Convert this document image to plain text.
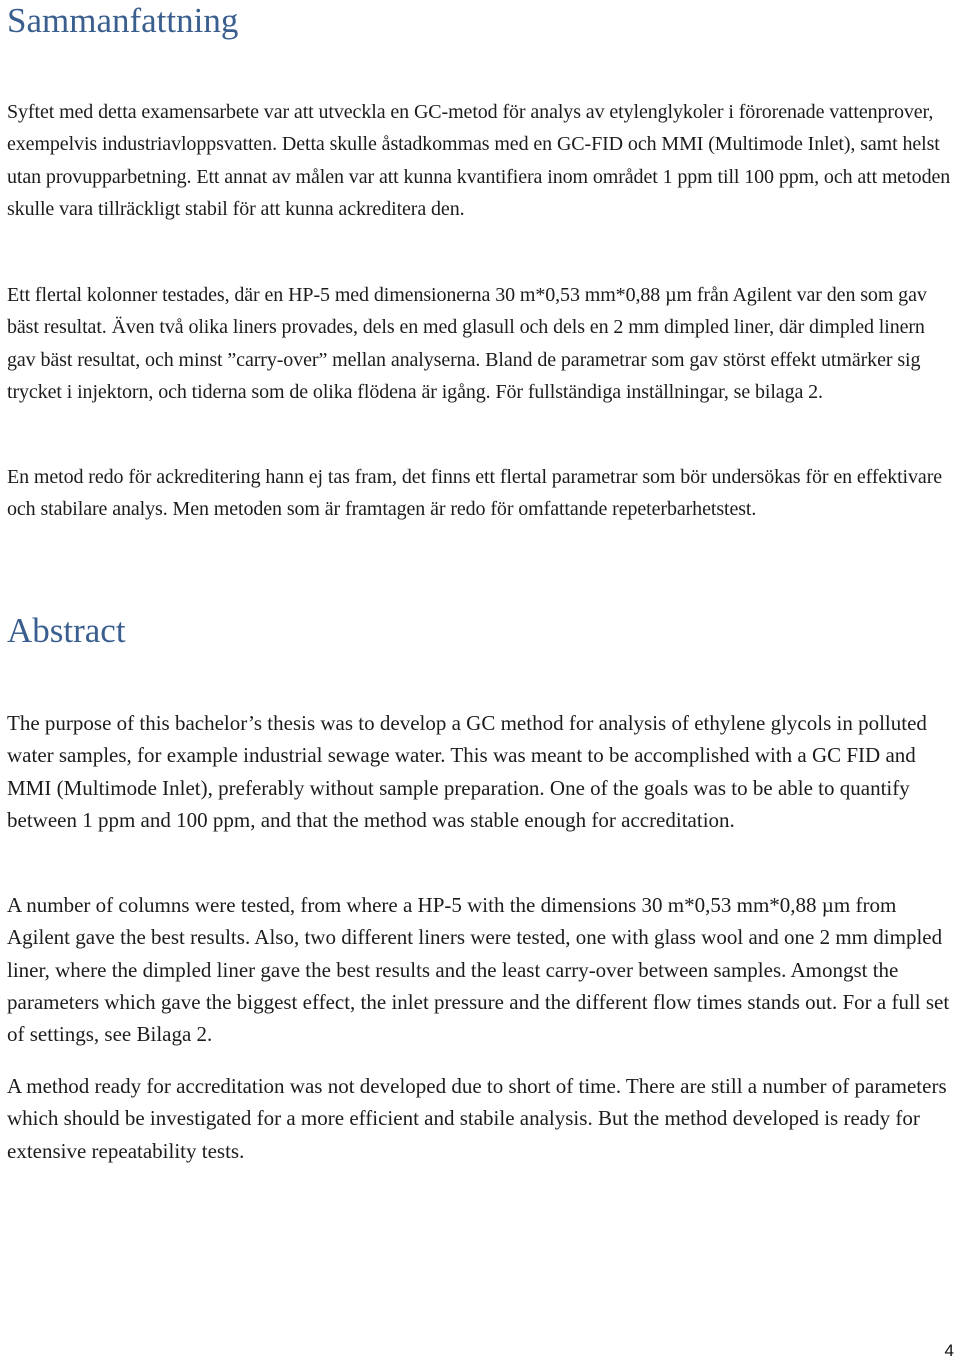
Sammanfattning

Syftet med detta examensarbete var att utveckla en GC-metod för analys av etylenglykoler i förorenade vattenprover, exempelvis industriavloppsvatten. Detta skulle åstadkommas med en GC-FID och MMI (Multimode Inlet), samt helst utan provupparbetning. Ett annat av målen var att kunna kvantifiera inom området 1 ppm till 100 ppm, och att metoden skulle vara tillräckligt stabil för att kunna ackreditera den.

Ett flertal kolonner testades, där en HP-5 med dimensionerna 30 m*0,53 mm*0,88 µm från Agilent var den som gav bäst resultat. Även två olika liners provades, dels en med glasull och dels en 2 mm dimpled liner, där dimpled linern gav bäst resultat, och minst ”carry-over” mellan analyserna. Bland de parametrar som gav störst effekt utmärker sig trycket i injektorn, och tiderna som de olika flödena är igång. För fullständiga inställningar, se bilaga 2.

En metod redo för ackreditering hann ej tas fram, det finns ett flertal parametrar som bör undersökas för en effektivare och stabilare analys. Men metoden som är framtagen är redo för omfattande repeterbarhetstest.

Abstract

The purpose of this bachelor’s thesis was to develop a GC method for analysis of ethylene glycols in polluted water samples, for example industrial sewage water. This was meant to be accomplished with a GC FID and MMI (Multimode Inlet), preferably without sample preparation. One of the goals was to be able to quantify between 1 ppm and 100 ppm, and that the method was stable enough for accreditation.

A number of columns were tested, from where a HP-5 with the dimensions 30 m*0,53 mm*0,88 µm from Agilent gave the best results. Also, two different liners were tested, one with glass wool and one 2 mm dimpled liner, where the dimpled liner gave the best results and the least carry-over between samples. Amongst the parameters which gave the biggest effect, the inlet pressure and the different flow times stands out. For a full set of settings, see Bilaga 2.

A method ready for accreditation was not developed due to short of time. There are still a number of parameters which should be investigated for a more efficient and stabile analysis. But the method developed is ready for extensive repeatability tests.

4
